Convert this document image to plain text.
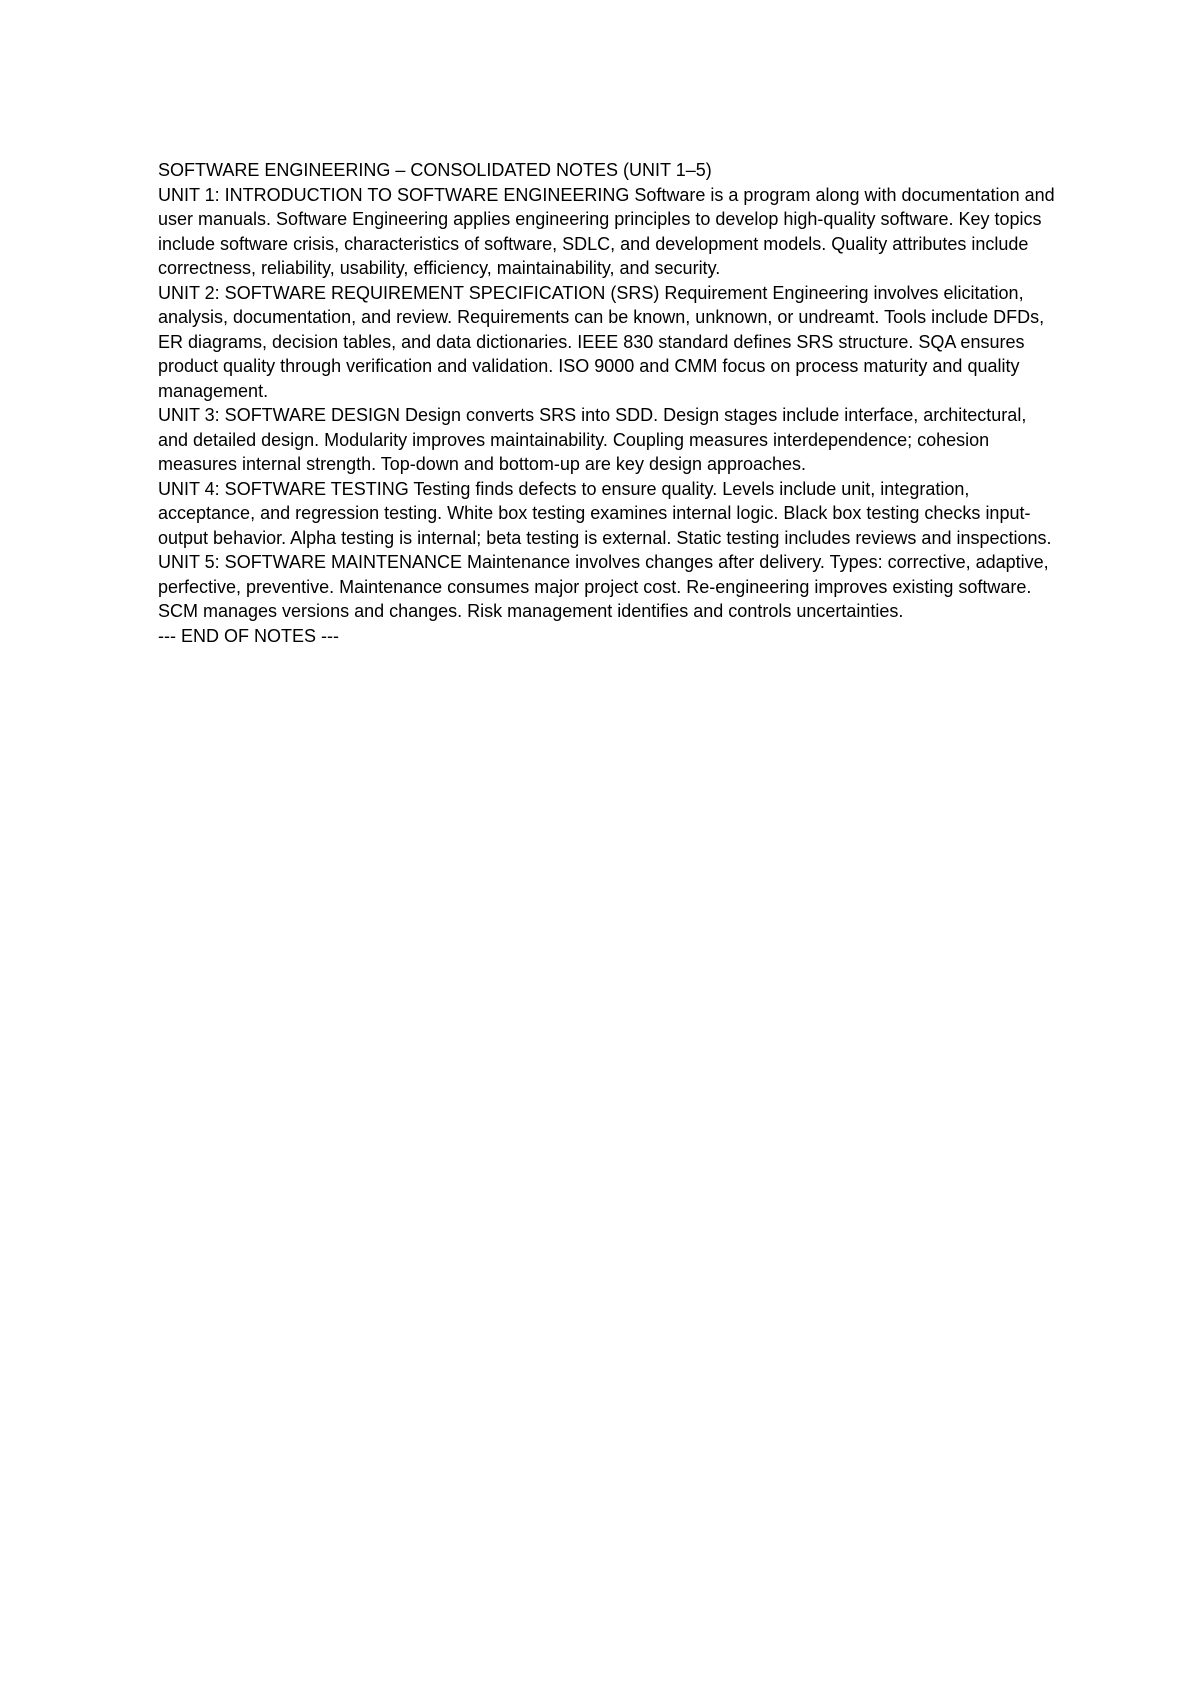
SOFTWARE ENGINEERING – CONSOLIDATED NOTES (UNIT 1–5)

UNIT 1: INTRODUCTION TO SOFTWARE ENGINEERING Software is a program along with documentation and user manuals. Software Engineering applies engineering principles to develop high-quality software. Key topics include software crisis, characteristics of software, SDLC, and development models. Quality attributes include correctness, reliability, usability, efficiency, maintainability, and security.

UNIT 2: SOFTWARE REQUIREMENT SPECIFICATION (SRS) Requirement Engineering involves elicitation, analysis, documentation, and review. Requirements can be known, unknown, or undreamt. Tools include DFDs, ER diagrams, decision tables, and data dictionaries. IEEE 830 standard defines SRS structure. SQA ensures product quality through verification and validation. ISO 9000 and CMM focus on process maturity and quality management.

UNIT 3: SOFTWARE DESIGN Design converts SRS into SDD. Design stages include interface, architectural, and detailed design. Modularity improves maintainability. Coupling measures interdependence; cohesion measures internal strength. Top-down and bottom-up are key design approaches.

UNIT 4: SOFTWARE TESTING Testing finds defects to ensure quality. Levels include unit, integration, acceptance, and regression testing. White box testing examines internal logic. Black box testing checks input-output behavior. Alpha testing is internal; beta testing is external. Static testing includes reviews and inspections.

UNIT 5: SOFTWARE MAINTENANCE Maintenance involves changes after delivery. Types: corrective, adaptive, perfective, preventive. Maintenance consumes major project cost. Re-engineering improves existing software. SCM manages versions and changes. Risk management identifies and controls uncertainties.

--- END OF NOTES ---
